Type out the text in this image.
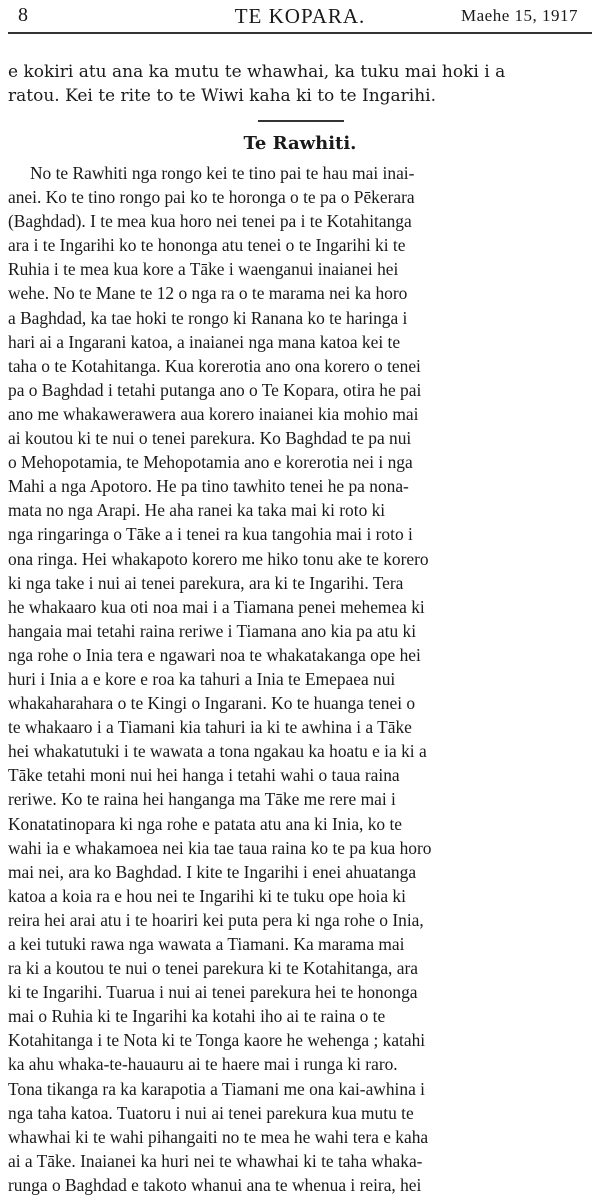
8	TE KOPARA.	Maehe 15, 1917
e kokiri atu ana ka mutu te whawhai, ka tuku mai hoki i a
ratou. Kei te rite to te Wiwi kaha ki to te Ingarihi.
Te Rawhiti.
No te Rawhiti nga rongo kei te tino pai te hau mai inai-
anei. Ko te tino rongo pai ko te horonga o te pa o Pēkerara
(Baghdad). I te mea kua horo nei tenei pa i te Kotahitanga
ara i te Ingarihi ko te hononga atu tenei o te Ingarihi ki te
Ruhia i te mea kua kore a Tāke i waenganui inaianei hei
wehe. No te Mane te 12 o nga ra o te marama nei ka horo
a Baghdad, ka tae hoki te rongo ki Ranana ko te haringa i
hari ai a Ingarani katoa, a inaianei nga mana katoa kei te
taha o te Kotahitanga. Kua korerotia ano ona korero o tenei
pa o Baghdad i tetahi putanga ano o Te Kopara, otira he pai
ano me whakawerawera aua korero inaianei kia mohio mai
ai koutou ki te nui o tenei parekura. Ko Baghdad te pa nui
o Mehopotamia, te Mehopotamia ano e korerotia nei i nga
Mahi a nga Apotoro. He pa tino tawhito tenei he pa nona-
mata no nga Arapi. He aha ranei ka taka mai ki roto ki
nga ringaringa o Tāke a i tenei ra kua tangohia mai i roto i
ona ringa. Hei whakapoto korero me hiko tonu ake te korero
ki nga take i nui ai tenei parekura, ara ki te Ingarihi. Tera
he whakaaro kua oti noa mai i a Tiamana penei mehemea ki
hangaia mai tetahi raina reriwe i Tiamana ano kia pa atu ki
nga rohe o Inia tera e ngawari noa te whakatakanga ope hei
huri i Inia a e kore e roa ka tahuri a Inia te Emepaea nui
whakaharahara o te Kingi o Ingarani. Ko te huanga tenei o
te whakaaro i a Tiamani kia tahuri ia ki te awhina i a Tāke
hei whakatutuki i te wawata a tona ngakau ka hoatu e ia ki a
Tāke tetahi moni nui hei hanga i tetahi wahi o taua raina
reriwe. Ko te raina hei hanganga ma Tāke me rere mai i
Konatatinopara ki nga rohe e patata atu ana ki Inia, ko te
wahi ia e whakamoea nei kia tae taua raina ko te pa kua horo
mai nei, ara ko Baghdad. I kite te Ingarihi i enei ahuatanga
katoa a koia ra e hou nei te Ingarihi ki te tuku ope hoia ki
reira hei arai atu i te hoariri kei puta pera ki nga rohe o Inia,
a kei tutuki rawa nga wawata a Tiamani. Ka marama mai
ra ki a koutou te nui o tenei parekura ki te Kotahitanga, ara
ki te Ingarihi. Tuarua i nui ai tenei parekura hei te hononga
mai o Ruhia ki te Ingarihi ka kotahi iho ai te raina o te
Kotahitanga i te Nota ki te Tonga kaore he wehenga ; katahi
ka ahu whaka-te-hauauru ai te haere mai i runga ki raro.
Tona tikanga ra ka karapotia a Tiamani me ona kai-awhina i
nga taha katoa. Tuatoru i nui ai tenei parekura kua mutu te
whawhai ki te wahi pihangaiti no te mea he wahi tera e kaha
ai a Tāke. Inaianei ka huri nei te whawhai ki te taha whaka-
runga o Baghdad e takoto whanui ana te whenua i reira, hei
